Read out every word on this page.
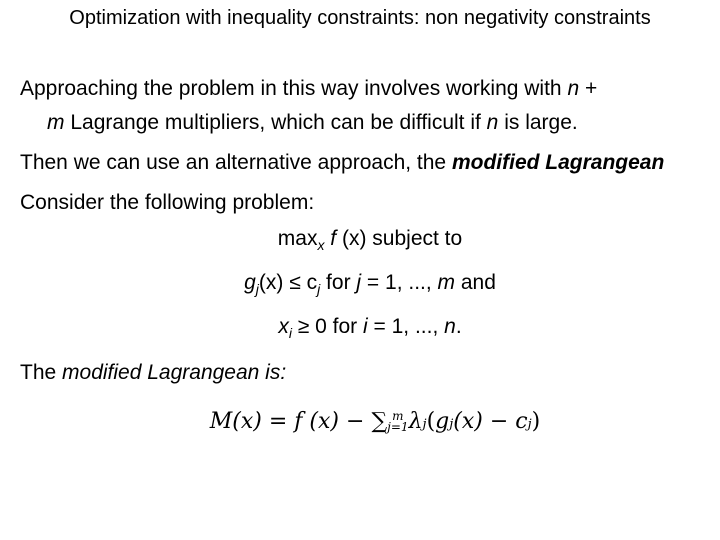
Optimization with inequality constraints: non negativity constraints

Approaching the problem in this way involves working with n +
m Lagrange multipliers, which can be difficult if n is large.

Then we can use an alternative approach, the modified Lagrangean

Consider the following problem:

$\max_x f$ (x) subject to
$g_j(x) \le c_j$ for j = 1, ..., m and
$x_i \ge 0$ for i = 1, ..., n.

The modified Lagrangean is:

M(x) = f (x) − ∑ m
j=1 λj(gj(x) − cj)
